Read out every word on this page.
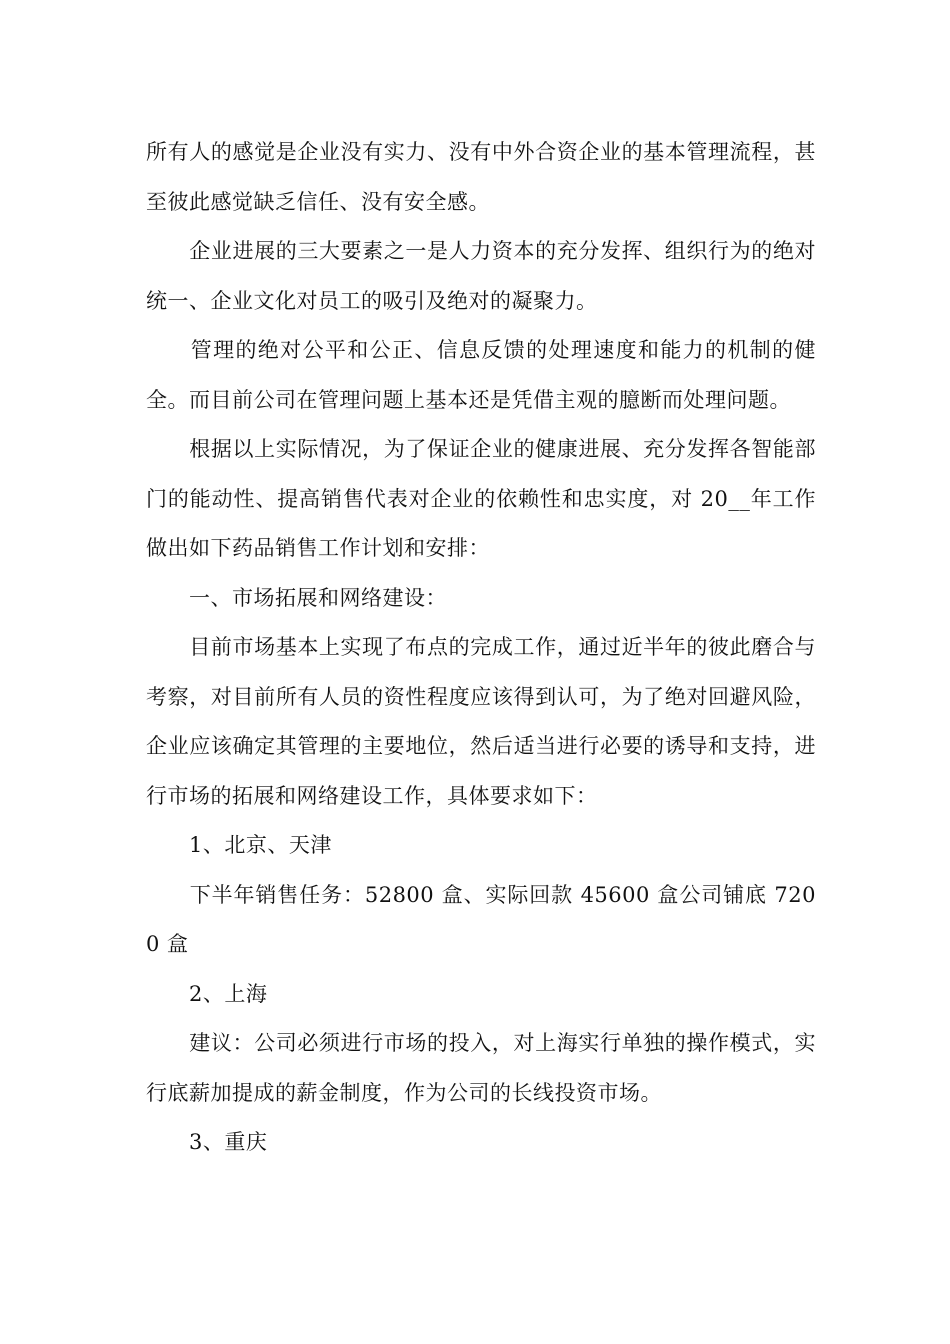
所有人的感觉是企业没有实力、没有中外合资企业的基本管理流程，甚至彼此感觉缺乏信任、没有安全感。

　　企业进展的三大要素之一是人力资本的充分发挥、组织行为的绝对统一、企业文化对员工的吸引及绝对的凝聚力。

　　管理的绝对公平和公正、信息反馈的处理速度和能力的机制的健全。而目前公司在管理问题上基本还是凭借主观的臆断而处理问题。

　　根据以上实际情况，为了保证企业的健康进展、充分发挥各智能部门的能动性、提高销售代表对企业的依赖性和忠实度，对 20__年工作做出如下药品销售工作计划和安排：

　　一、市场拓展和网络建设：

　　目前市场基本上实现了布点的完成工作，通过近半年的彼此磨合与考察，对目前所有人员的资性程度应该得到认可，为了绝对回避风险，企业应该确定其管理的主要地位，然后适当进行必要的诱导和支持，进行市场的拓展和网络建设工作，具体要求如下：

　　1、北京、天津

　　下半年销售任务：52800 盒、实际回款 45600 盒公司铺底 7200 盒

　　2、上海

　　建议：公司必须进行市场的投入，对上海实行单独的操作模式，实行底薪加提成的薪金制度，作为公司的长线投资市场。

　　3、重庆
